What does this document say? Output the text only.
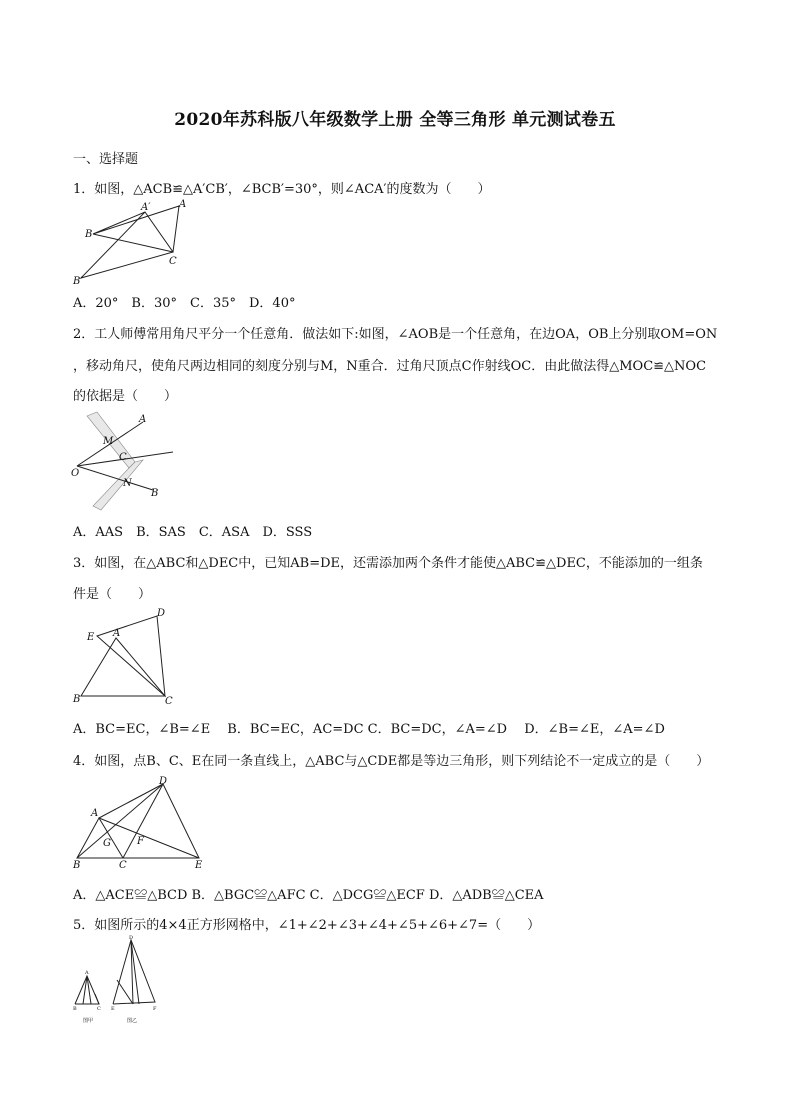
2020年苏科版八年级数学上册 全等三角形 单元测试卷五
一、选择题
1．如图，△ACB≌△A′CB′，∠BCB′=30°，则∠ACA′的度数为（　　）
A
A′
B
B′
C
A．20°　B．30°　C．35°　D．40°
2．工人师傅常用角尺平分一个任意角．做法如下:如图，∠AOB是一个任意角，在边OA，OB上分别取OM=ON
，移动角尺，使角尺两边相同的刻度分别与M，N重合．过角尺顶点C作射线OC．由此做法得△MOC≌△NOC
的依据是（　　）
A
B
O
M
N
C
A．AAS　B．SAS　C．ASA　D．SSS
3．如图，在△ABC和△DEC中，已知AB=DE，还需添加两个条件才能使△ABC≌△DEC，不能添加的一组条
件是（　　）
D
E A
B	C
A．BC=EC，∠B=∠E　 B．BC=EC，AC=DC C．BC=DC，∠A=∠D　 D．∠B=∠E，∠A=∠D
4．如图，点B、C、E在同一条直线上，△ABC与△CDE都是等边三角形，则下列结论不一定成立的是（　　）
D
A
B	C	E
F
G
A．△ACE≌△BCD B．△BGC≌△AFC C．△DCG≌△ECF D．△ADB≌△CEA
5．如图所示的4×4正方形网格中，∠1+∠2+∠3+∠4+∠5+∠6+∠7=（　　）
A
B	C
D
E	F
图甲	图乙
